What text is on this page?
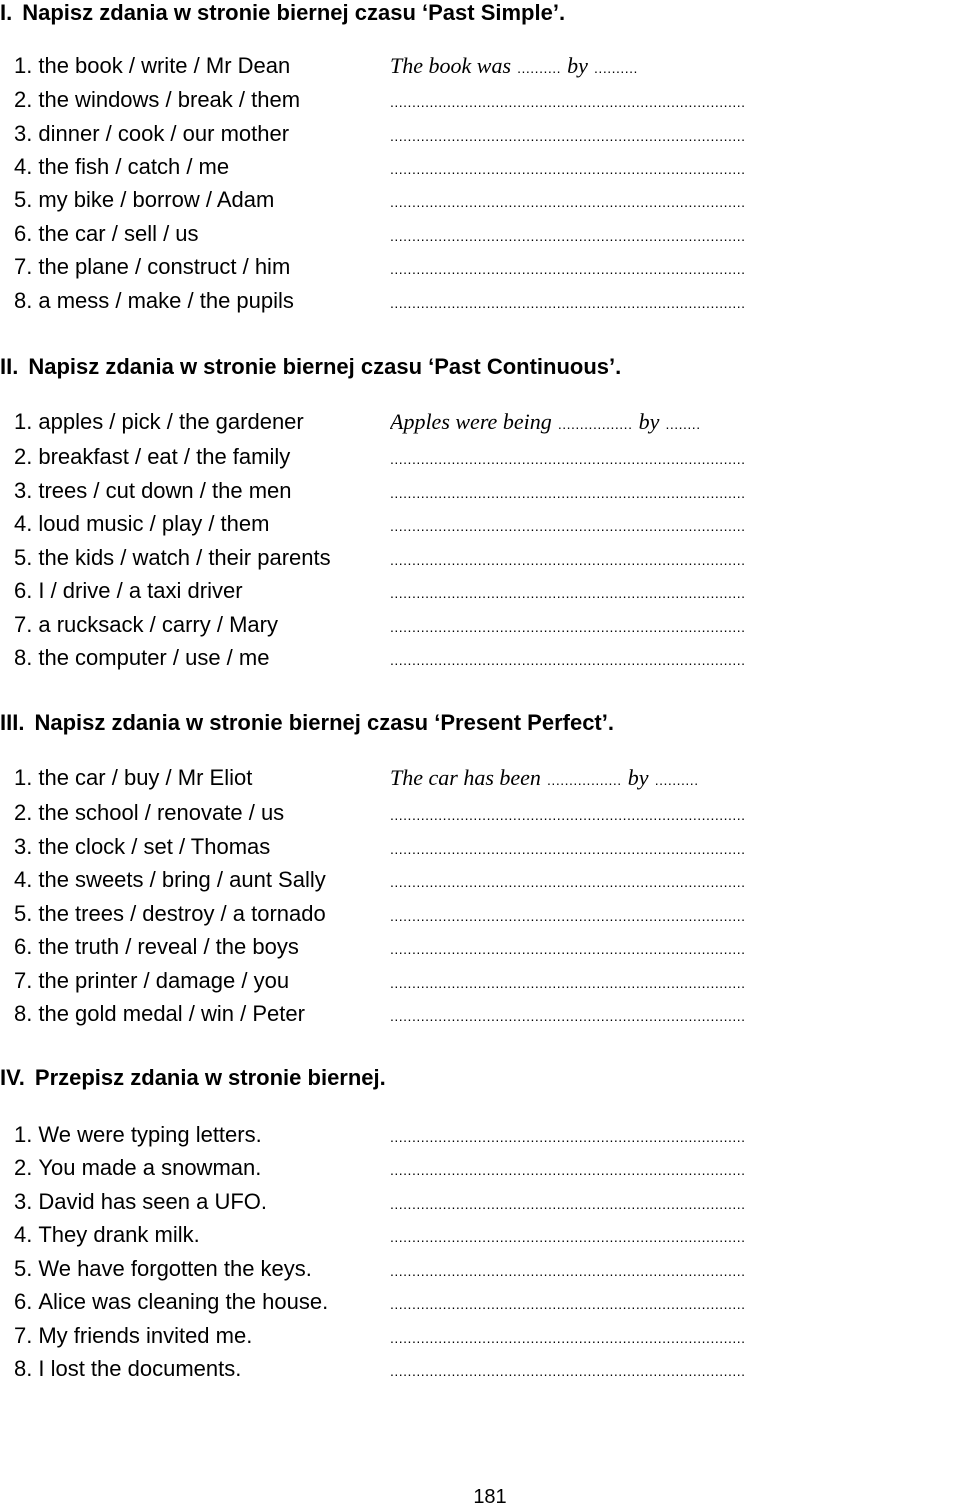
I. Napisz zdania w stronie biernej czasu ‘Past Simple’.
1. the book / write / Mr Dean	The book was .......... by ..........
2. the windows / break / them	.................................................................................
3. dinner / cook / our mother	.................................................................................
4. the fish / catch / me	.................................................................................
5. my bike / borrow / Adam	.................................................................................
6. the car / sell / us	.................................................................................
7. the plane / construct / him	.................................................................................
8. a mess / make / the pupils	.................................................................................
II. Napisz zdania w stronie biernej czasu ‘Past Continuous’.
1. apples / pick / the gardener	Apples were being ................. by ........
2. breakfast / eat / the family	.................................................................................
3. trees / cut down / the men	.................................................................................
4. loud music / play / them	.................................................................................
5. the kids / watch / their parents	.................................................................................
6. I / drive / a taxi driver	.................................................................................
7. a rucksack / carry / Mary	.................................................................................
8. the computer / use / me	.................................................................................
III. Napisz zdania w stronie biernej czasu ‘Present Perfect’.
1. the car / buy / Mr Eliot	The car has been ................. by ..........
2. the school / renovate / us	.................................................................................
3. the clock / set / Thomas	.................................................................................
4. the sweets / bring / aunt Sally	.................................................................................
5. the trees / destroy / a tornado	.................................................................................
6. the truth / reveal / the boys	.................................................................................
7. the printer / damage / you	.................................................................................
8. the gold medal / win / Peter	.................................................................................
IV. Przepisz zdania w stronie biernej.
1. We were typing letters.	.................................................................................
2. You made a snowman.	.................................................................................
3. David has seen a UFO.	.................................................................................
4. They drank milk.	.................................................................................
5. We have forgotten the keys.	.................................................................................
6. Alice was cleaning the house.	.................................................................................
7. My friends invited me.	.................................................................................
8. I lost the documents.	.................................................................................
181
